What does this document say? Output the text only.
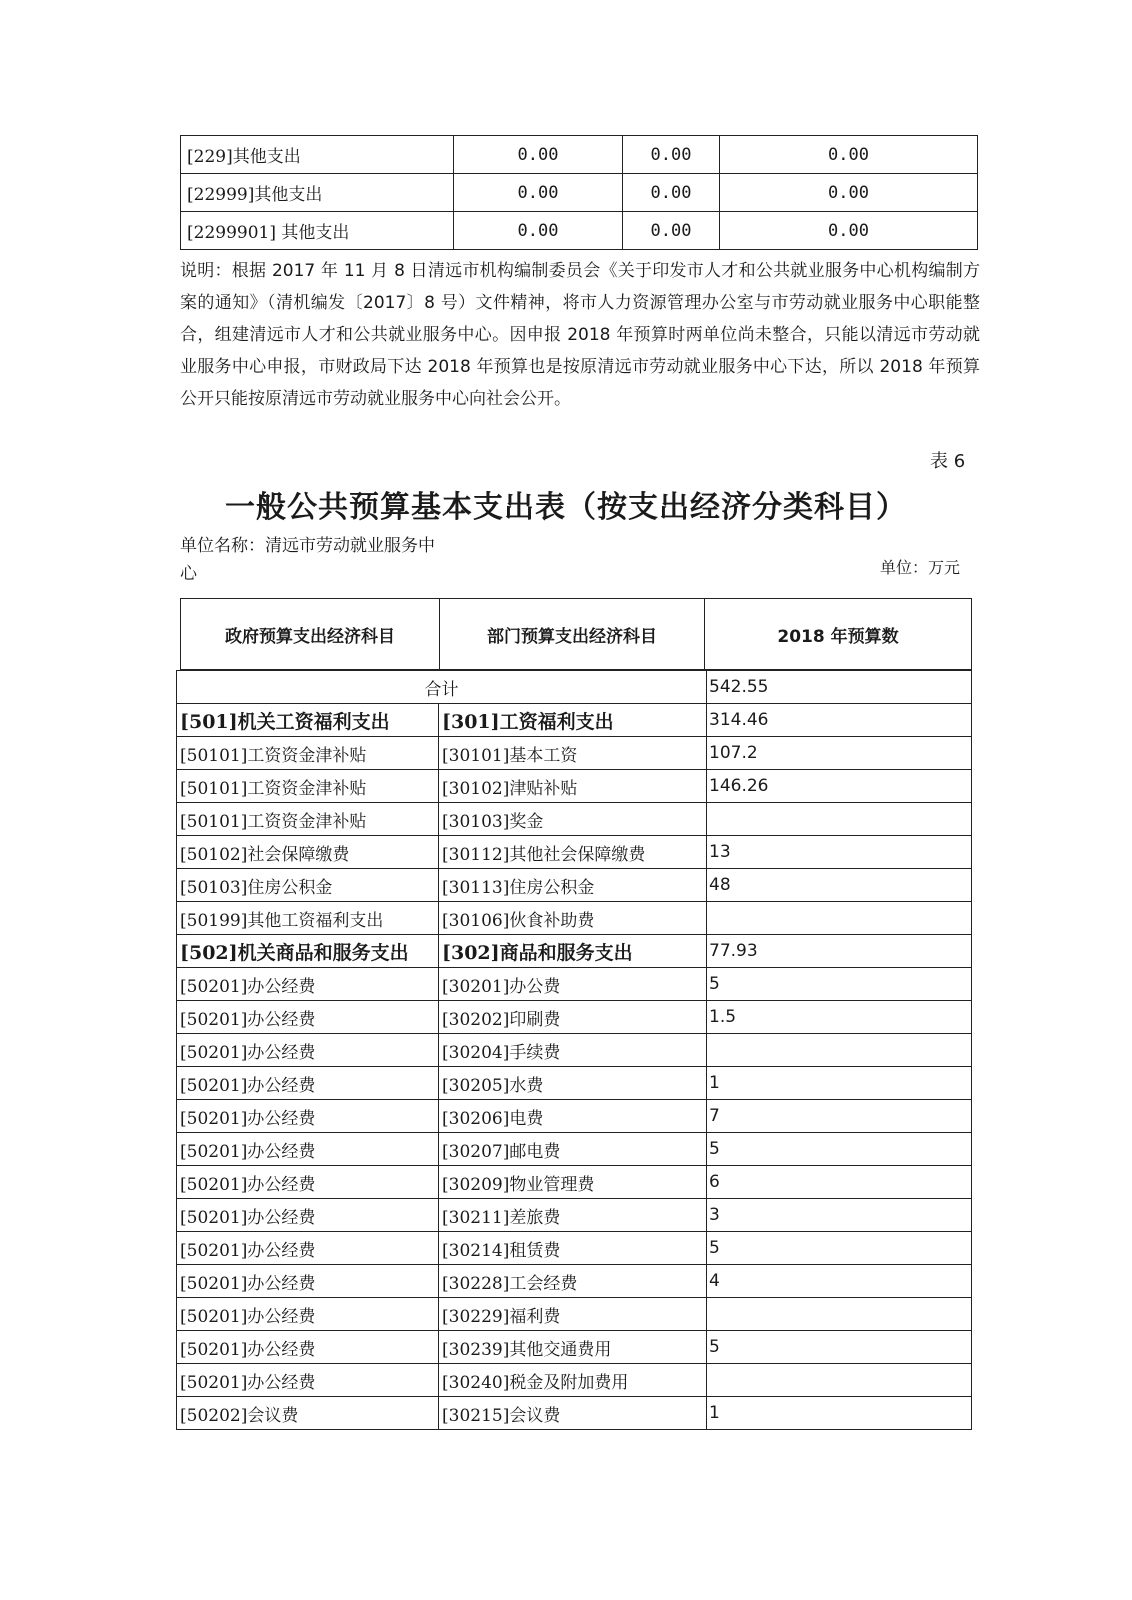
[229]其他支出	0.00	0.00	0.00
[22999]其他支出	0.00	0.00	0.00
[2299901] 其他支出	0.00	0.00	0.00
说明：根据 2017 年 11 月 8 日清远市机构编制委员会《关于印发市人才和公共就业服务中心机构编制方案的通知》（清机编发〔2017〕8 号）文件精神，将市人力资源管理办公室与市劳动就业服务中心职能整合，组建清远市人才和公共就业服务中心。因申报 2018 年预算时两单位尚未整合，只能以清远市劳动就业服务中心申报，市财政局下达 2018 年预算也是按原清远市劳动就业服务中心下达，所以 2018 年预算公开只能按原清远市劳动就业服务中心向社会公开。
表 6
一般公共预算基本支出表（按支出经济分类科目）
单位名称：清远市劳动就业服务中心	单位：万元
政府预算支出经济科目	部门预算支出经济科目	2018 年预算数
合计		542.55
[501]机关工资福利支出	[301]工资福利支出	314.46
[50101]工资资金津补贴	[30101]基本工资	107.2
[50101]工资资金津补贴	[30102]津贴补贴	146.26
[50101]工资资金津补贴	[30103]奖金	
[50102]社会保障缴费	[30112]其他社会保障缴费	13
[50103]住房公积金	[30113]住房公积金	48
[50199]其他工资福利支出	[30106]伙食补助费	
[502]机关商品和服务支出	[302]商品和服务支出	77.93
[50201]办公经费	[30201]办公费	5
[50201]办公经费	[30202]印刷费	1.5
[50201]办公经费	[30204]手续费	
[50201]办公经费	[30205]水费	1
[50201]办公经费	[30206]电费	7
[50201]办公经费	[30207]邮电费	5
[50201]办公经费	[30209]物业管理费	6
[50201]办公经费	[30211]差旅费	3
[50201]办公经费	[30214]租赁费	5
[50201]办公经费	[30228]工会经费	4
[50201]办公经费	[30229]福利费	
[50201]办公经费	[30239]其他交通费用	5
[50201]办公经费	[30240]税金及附加费用	
[50202]会议费	[30215]会议费	1
